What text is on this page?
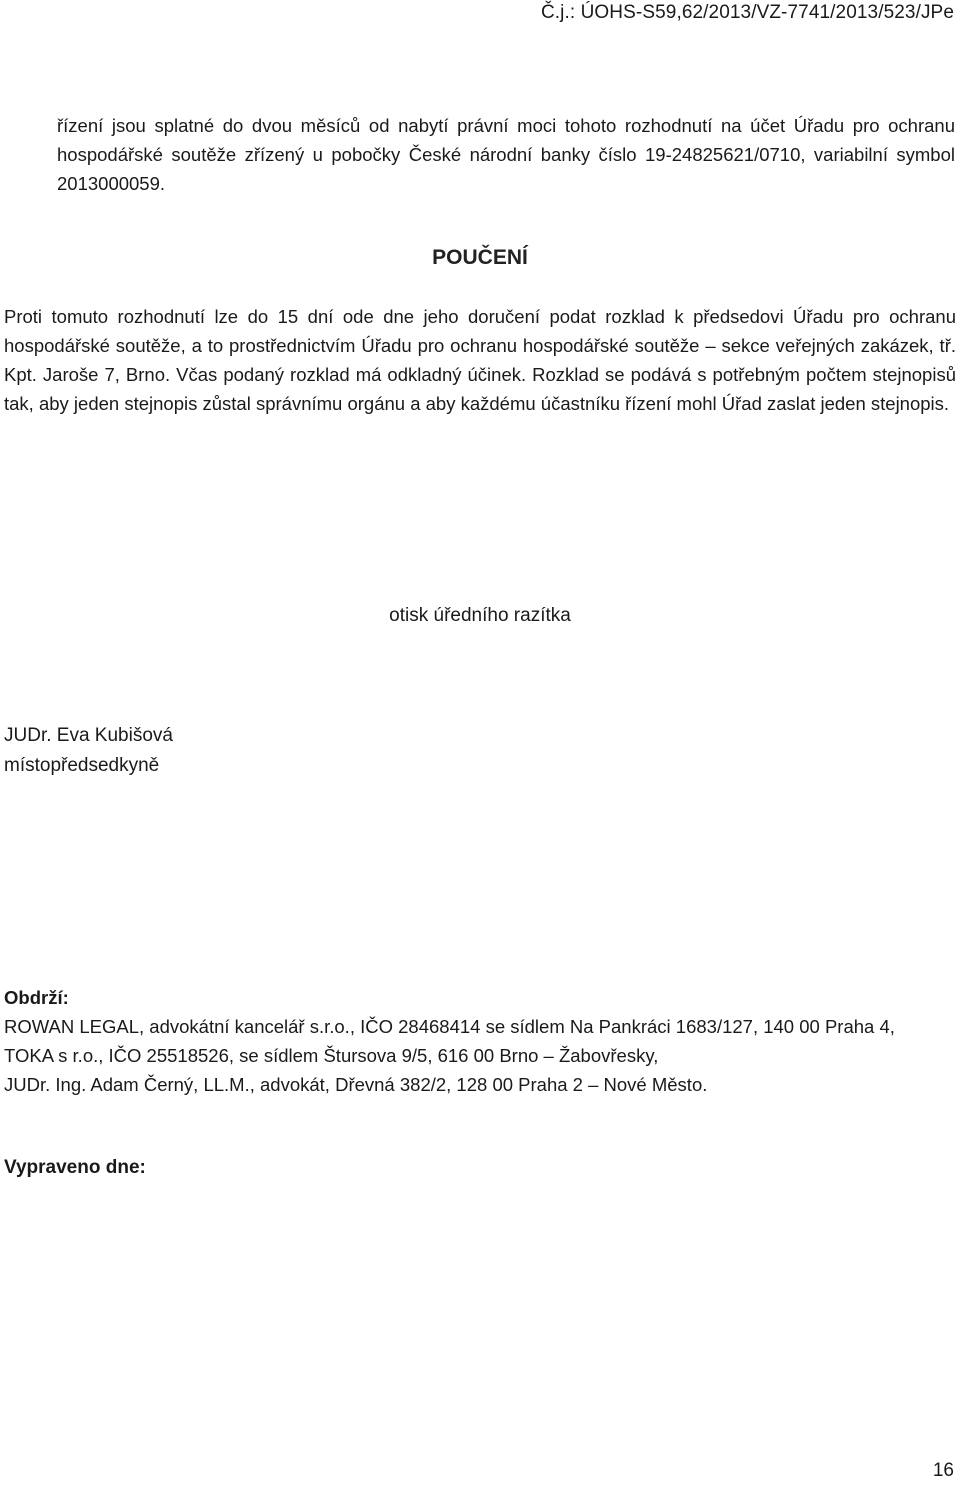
Č.j.: ÚOHS-S59,62/2013/VZ-7741/2013/523/JPe

řízení jsou splatné do dvou měsíců od nabytí právní moci tohoto rozhodnutí na účet Úřadu pro ochranu hospodářské soutěže zřízený u pobočky České národní banky číslo 19-24825621/0710, variabilní symbol 2013000059.

POUČENÍ

Proti tomuto rozhodnutí lze do 15 dní ode dne jeho doručení podat rozklad k předsedovi Úřadu pro ochranu hospodářské soutěže, a to prostřednictvím Úřadu pro ochranu hospodářské soutěže – sekce veřejných zakázek, tř. Kpt. Jaroše 7, Brno. Včas podaný rozklad má odkladný účinek. Rozklad se podává s potřebným počtem stejnopisů tak, aby jeden stejnopis zůstal správnímu orgánu a aby každému účastníku řízení mohl Úřad zaslat jeden stejnopis.

otisk úředního razítka

JUDr. Eva Kubišová
místopředsedkyně
Obdrží:
ROWAN LEGAL, advokátní kancelář s.r.o., IČO 28468414 se sídlem Na Pankráci 1683/127, 140 00 Praha 4,
TOKA s r.o., IČO 25518526, se sídlem Štursova 9/5, 616 00 Brno – Žabovřesky,
JUDr. Ing. Adam Černý, LL.M., advokát, Dřevná 382/2, 128 00 Praha 2 – Nové Město.

Vypraveno dne:

16
